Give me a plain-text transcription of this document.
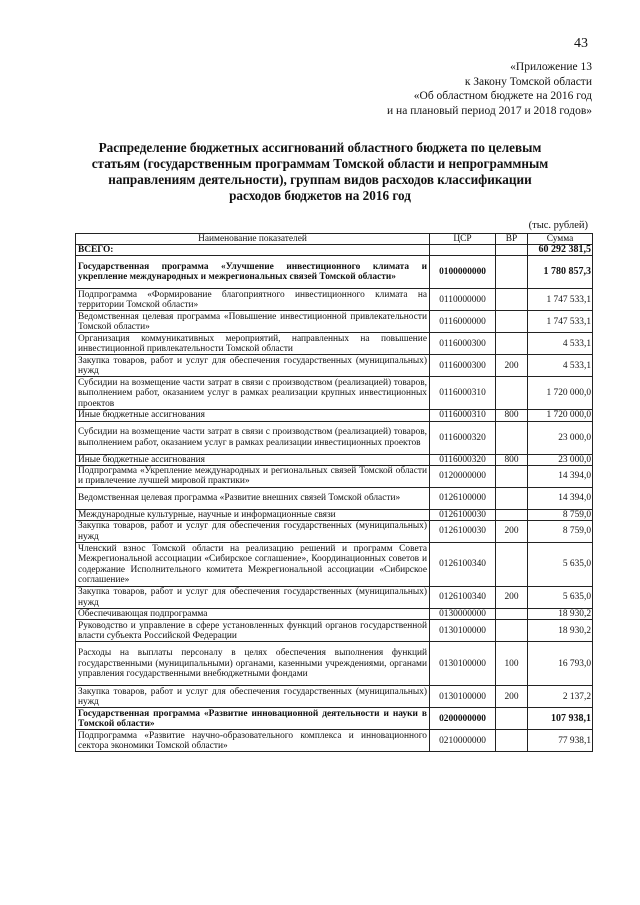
43
«Приложение 13
к Закону Томской области
«Об областном бюджете на 2016 год
и на плановый период 2017 и 2018 годов»
Распределение бюджетных ассигнований областного бюджета по целевым
статьям (государственным программам Томской области и непрограммным
направлениям деятельности), группам видов расходов классификации
расходов бюджетов на 2016 год
(тыс. рублей)
Наименование показателей	ЦСР	ВР	Сумма
ВСЕГО:			60 292 381,5
Государственная программа «Улучшение инвестиционного климата и укрепление международных и межрегиональных связей Томской области»	0100000000		1 780 857,3
Подпрограмма «Формирование благоприятного инвестиционного климата на территории Томской области»	0110000000		1 747 533,1
Ведомственная целевая программа «Повышение инвестиционной привлекательности Томской области»	0116000000		1 747 533,1
Организация коммуникативных мероприятий, направленных на повышение инвестиционной привлекательности Томской области	0116000300		4 533,1
Закупка товаров, работ и услуг для обеспечения государственных (муниципальных) нужд	0116000300	200	4 533,1
Субсидии на возмещение части затрат в связи с производством (реализацией) товаров, выполнением работ, оказанием услуг в рамках реализации крупных инвестиционных проектов	0116000310		1 720 000,0
Иные бюджетные ассигнования	0116000310	800	1 720 000,0
Субсидии на возмещение части затрат в связи с производством (реализацией) товаров, выполнением работ, оказанием услуг в рамках реализации инвестиционных проектов	0116000320		23 000,0
Иные бюджетные ассигнования	0116000320	800	23 000,0
Подпрограмма «Укрепление международных и региональных связей Томской области и привлечение лучшей мировой практики»	0120000000		14 394,0
Ведомственная целевая программа «Развитие внешних связей Томской области»	0126100000		14 394,0
Международные культурные, научные и информационные связи	0126100030		8 759,0
Закупка товаров, работ и услуг для обеспечения государственных (муниципальных) нужд	0126100030	200	8 759,0
Членский взнос Томской области на реализацию решений и программ Совета Межрегиональной ассоциации «Сибирское соглашение», Координационных советов и содержание Исполнительного комитета Межрегиональной ассоциации «Сибирское соглашение»	0126100340		5 635,0
Закупка товаров, работ и услуг для обеспечения государственных (муниципальных) нужд	0126100340	200	5 635,0
Обеспечивающая подпрограмма	0130000000		18 930,2
Руководство и управление в сфере установленных функций органов государственной власти субъекта Российской Федерации	0130100000		18 930,2
Расходы на выплаты персоналу в целях обеспечения выполнения функций государственными (муниципальными) органами, казенными учреждениями, органами управления государственными внебюджетными фондами	0130100000	100	16 793,0
Закупка товаров, работ и услуг для обеспечения государственных (муниципальных) нужд	0130100000	200	2 137,2
Государственная программа «Развитие инновационной деятельности и науки в Томской области»	0200000000		107 938,1
Подпрограмма «Развитие научно-образовательного комплекса и инновационного сектора экономики Томской области»	0210000000		77 938,1
